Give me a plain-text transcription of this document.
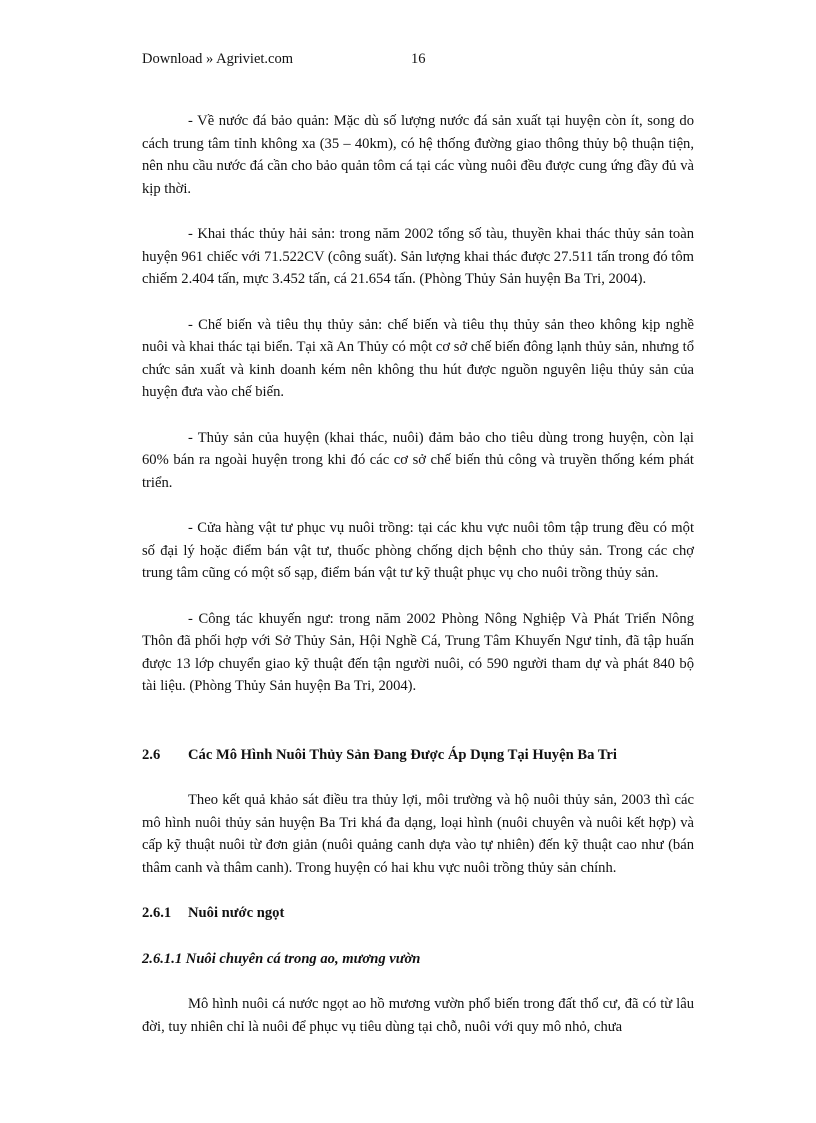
Download » Agriviet.com	16

- Về nước đá bảo quản: Mặc dù số lượng nước đá sản xuất tại huyện còn ít, song do cách trung tâm tỉnh không xa (35 – 40km), có hệ thống đường giao thông thủy bộ thuận tiện, nên nhu cầu nước đá cần cho bảo quản tôm cá tại các vùng nuôi đều được cung ứng đầy đủ và kịp thời.

- Khai thác thủy hải sản: trong năm 2002 tổng số tàu, thuyền khai thác thủy sản toàn huyện 961 chiếc với 71.522CV (công suất). Sản lượng khai thác được 27.511 tấn trong đó tôm chiếm 2.404 tấn, mực 3.452 tấn, cá 21.654 tấn. (Phòng Thủy Sản huyện Ba Tri, 2004).

- Chế biến và tiêu thụ thủy sản: chế biến và tiêu thụ thủy sản theo không kịp nghề nuôi và khai thác tại biển. Tại xã An Thủy có một cơ sở chế biến đông lạnh thủy sản, nhưng tổ chức sản xuất và kinh doanh kém nên không thu hút được nguồn nguyên liệu thủy sản của huyện đưa vào chế biến.

- Thủy sản của huyện (khai thác, nuôi) đảm bảo cho tiêu dùng trong huyện, còn lại 60% bán ra ngoài huyện trong khi đó các cơ sở chế biến thủ công và truyền thống kém phát triển.

- Cửa hàng vật tư phục vụ nuôi trồng: tại các khu vực nuôi tôm tập trung đều có một số đại lý hoặc điểm bán vật tư, thuốc phòng chống dịch bệnh cho thủy sản. Trong các chợ trung tâm cũng có một số sạp, điểm bán vật tư kỹ thuật phục vụ cho nuôi trồng thủy sản.

- Công tác khuyến ngư: trong năm 2002 Phòng Nông Nghiệp Và Phát Triển Nông Thôn đã phối hợp với Sở Thủy Sản, Hội Nghề Cá, Trung Tâm Khuyến Ngư tỉnh, đã tập huấn được 13 lớp chuyển giao kỹ thuật đến tận người nuôi, có 590 người tham dự và phát 840 bộ tài liệu. (Phòng Thủy Sản huyện Ba Tri, 2004).

2.6	Các Mô Hình Nuôi Thủy Sản Đang Được Áp Dụng Tại Huyện Ba Tri

Theo kết quả khảo sát điều tra thủy lợi, môi trường và hộ nuôi thủy sản, 2003 thì các mô hình nuôi thủy sản huyện Ba Tri khá đa dạng, loại hình (nuôi chuyên và nuôi kết hợp) và cấp kỹ thuật nuôi từ đơn giản (nuôi quảng canh dựa vào tự nhiên) đến kỹ thuật cao như (bán thâm canh và thâm canh). Trong huyện có hai khu vực nuôi trồng thủy sản chính.

2.6.1	Nuôi nước ngọt

2.6.1.1 Nuôi chuyên cá trong ao, mương vườn

Mô hình nuôi cá nước ngọt ao hồ mương vườn phổ biến trong đất thổ cư, đã có từ lâu đời, tuy nhiên chỉ là nuôi để phục vụ tiêu dùng tại chỗ, nuôi với quy mô nhỏ, chưa
